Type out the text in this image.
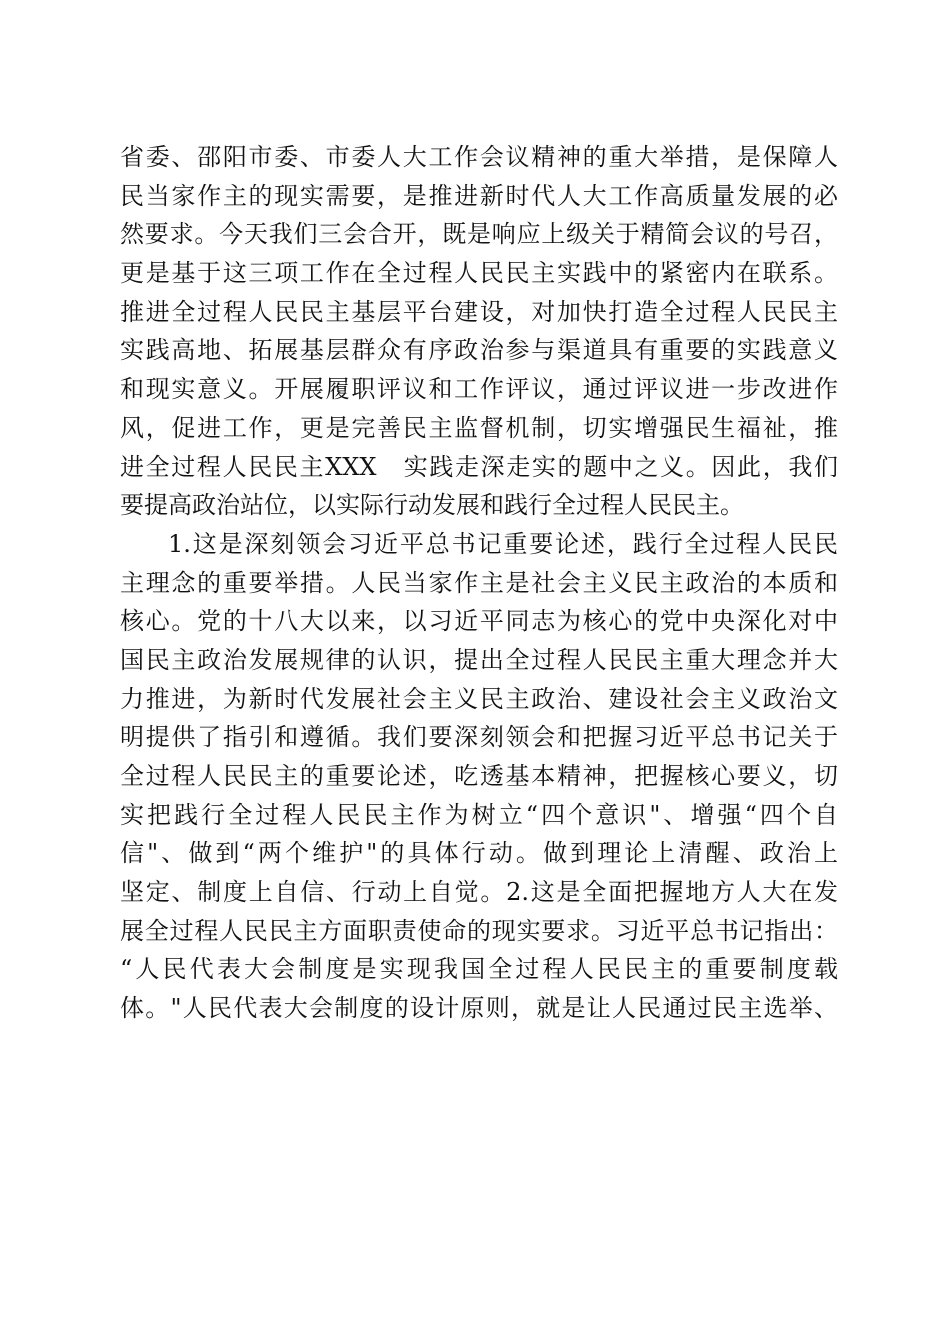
省委、邵阳市委、市委人大工作会议精神的重大举措，是保障人
民当家作主的现实需要，是推进新时代人大工作高质量发展的必
然要求。今天我们三会合开，既是响应上级关于精简会议的号召，
更是基于这三项工作在全过程人民民主实践中的紧密内在联系。
推进全过程人民民主基层平台建设，对加快打造全过程人民民主
实践高地、拓展基层群众有序政治参与渠道具有重要的实践意义
和现实意义。开展履职评议和工作评议，通过评议进一步改进作
风，促进工作，更是完善民主监督机制，切实增强民生福祉，推
进全过程人民民主XXX　实践走深走实的题中之义。因此，我们
要提高政治站位，以实际行动发展和践行全过程人民民主。
1.这是深刻领会习近平总书记重要论述，践行全过程人民民
主理念的重要举措。人民当家作主是社会主义民主政治的本质和
核心。党的十八大以来，以习近平同志为核心的党中央深化对中
国民主政治发展规律的认识，提出全过程人民民主重大理念并大
力推进，为新时代发展社会主义民主政治、建设社会主义政治文
明提供了指引和遵循。我们要深刻领会和把握习近平总书记关于
全过程人民民主的重要论述，吃透基本精神，把握核心要义，切
实把践行全过程人民民主作为树立“四个意识"、增强“四个自
信"、做到“两个维护"的具体行动。做到理论上清醒、政治上
坚定、制度上自信、行动上自觉。2.这是全面把握地方人大在发
展全过程人民民主方面职责使命的现实要求。习近平总书记指出：
“人民代表大会制度是实现我国全过程人民民主的重要制度载
体。"人民代表大会制度的设计原则，就是让人民通过民主选举、
